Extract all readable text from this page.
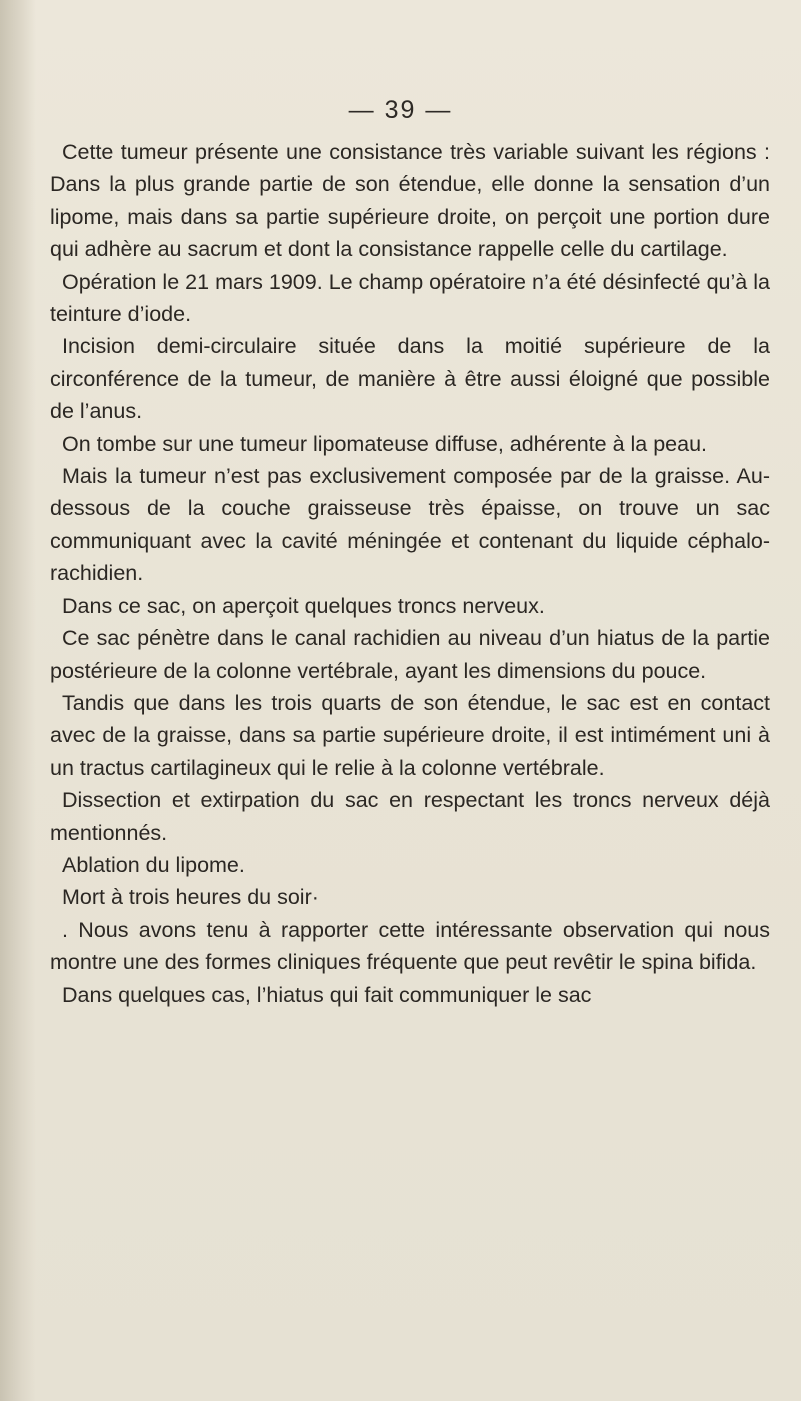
— 39 —

Cette tumeur présente une consistance très variable suivant les régions : Dans la plus grande partie de son étendue, elle donne la sensation d’un lipome, mais dans sa partie supérieure droite, on perçoit une portion dure qui adhère au sacrum et dont la consistance rappelle celle du cartilage.

Opération le 21 mars 1909. Le champ opératoire n’a été désinfecté qu’à la teinture d’iode.

Incision demi-circulaire située dans la moitié supérieure de la circonférence de la tumeur, de manière à être aussi éloigné que possible de l’anus.

On tombe sur une tumeur lipomateuse diffuse, adhérente à la peau.

Mais la tumeur n’est pas exclusivement composée par de la graisse. Au-dessous de la couche graisseuse très épaisse, on trouve un sac communiquant avec la cavité méningée et contenant du liquide céphalo-rachidien.

Dans ce sac, on aperçoit quelques troncs nerveux.

Ce sac pénètre dans le canal rachidien au niveau d’un hiatus de la partie postérieure de la colonne vertébrale, ayant les dimensions du pouce.

Tandis que dans les trois quarts de son étendue, le sac est en contact avec de la graisse, dans sa partie supérieure droite, il est intimément uni à un tractus cartilagineux qui le relie à la colonne vertébrale.

Dissection et extirpation du sac en respectant les troncs nerveux déjà mentionnés.

Ablation du lipome.

Mort à trois heures du soir·

. Nous avons tenu à rapporter cette intéressante observation qui nous montre une des formes cliniques fréquente que peut revêtir le spina bifida.

Dans quelques cas, l’hiatus qui fait communiquer le sac
